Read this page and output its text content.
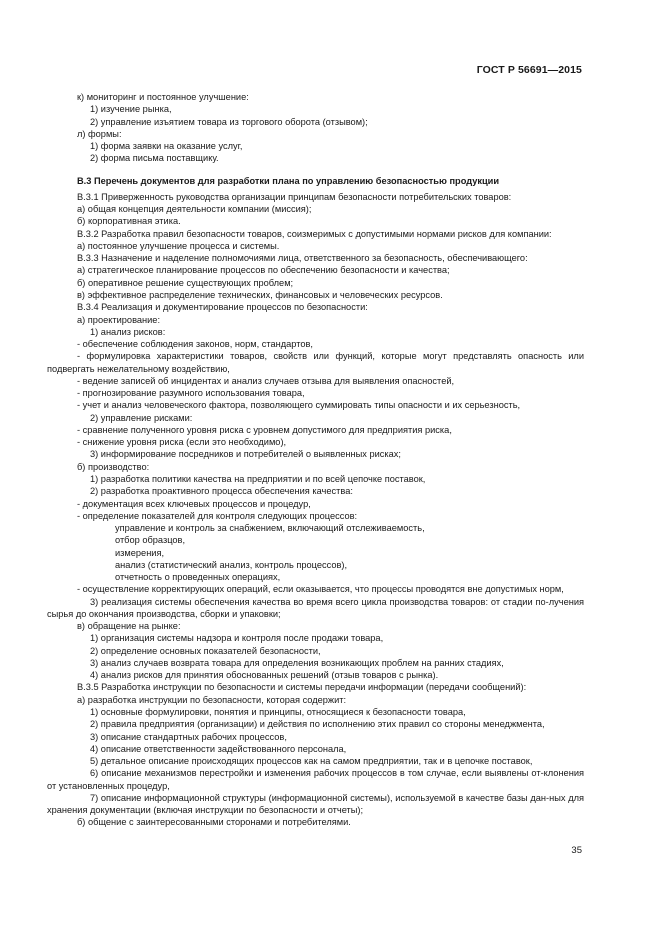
ГОСТ Р 56691—2015
к) мониторинг и постоянное улучшение:
1) изучение рынка,
2) управление изъятием товара из торгового оборота (отзывом);
л) формы:
1) форма заявки на оказание услуг,
2) форма письма поставщику.
В.3 Перечень документов для разработки плана по управлению безопасностью продукции
В.3.1 Приверженность руководства организации принципам безопасности потребительских товаров:
а) общая концепция деятельности компании (миссия);
б) корпоративная этика.
В.3.2 Разработка правил безопасности товаров, соизмеримых с допустимыми нормами рисков для компании:
а) постоянное улучшение процесса и системы.
В.3.3 Назначение и наделение полномочиями лица, ответственного за безопасность, обеспечивающего:
а) стратегическое планирование процессов по обеспечению безопасности и качества;
б) оперативное решение существующих проблем;
в) эффективное распределение технических, финансовых и человеческих ресурсов.
В.3.4 Реализация и документирование процессов по безопасности:
а) проектирование:
1) анализ рисков:
- обеспечение соблюдения законов, норм, стандартов,
- формулировка характеристики товаров, свойств или функций, которые могут представлять опасность или подвергать нежелательному воздействию,
- ведение записей об инцидентах и анализ случаев отзыва для выявления опасностей,
- прогнозирование разумного использования товара,
- учет и анализ человеческого фактора, позволяющего суммировать типы опасности и их серьезность,
2) управление рисками:
- сравнение полученного уровня риска с уровнем допустимого для предприятия риска,
- снижение уровня риска (если это необходимо),
3) информирование посредников и потребителей о выявленных рисках;
б) производство:
1) разработка политики качества на предприятии и по всей цепочке поставок,
2) разработка проактивного процесса обеспечения качества:
- документация всех ключевых процессов и процедур,
- определение показателей для контроля следующих процессов:
управление и контроль за снабжением, включающий отслеживаемость,
отбор образцов,
измерения,
анализ (статистический анализ, контроль процессов),
отчетность о проведенных операциях,
- осуществление корректирующих операций, если оказывается, что процессы проводятся вне допустимых норм,
3) реализация системы обеспечения качества во время всего цикла производства товаров: от стадии по-лучения сырья до окончания производства, сборки и упаковки;
в) обращение на рынке:
1) организация системы надзора и контроля после продажи товара,
2) определение основных показателей безопасности,
3) анализ случаев возврата товара для определения возникающих проблем на ранних стадиях,
4) анализ рисков для принятия обоснованных решений (отзыв товаров с рынка).
В.3.5 Разработка инструкции по безопасности и системы передачи информации (передачи сообщений):
а) разработка инструкции по безопасности, которая содержит:
1) основные формулировки, понятия и принципы, относящиеся к безопасности товара,
2) правила предприятия (организации) и действия по исполнению этих правил со стороны менеджмента,
3) описание стандартных рабочих процессов,
4) описание ответственности задействованного персонала,
5) детальное описание происходящих процессов как на самом предприятии, так и в цепочке поставок,
6) описание механизмов перестройки и изменения рабочих процессов в том случае, если выявлены от-клонения от установленных процедур,
7) описание информационной структуры (информационной системы), используемой в качестве базы дан-ных для хранения документации (включая инструкции по безопасности и отчеты);
б) общение с заинтересованными сторонами и потребителями.
35
